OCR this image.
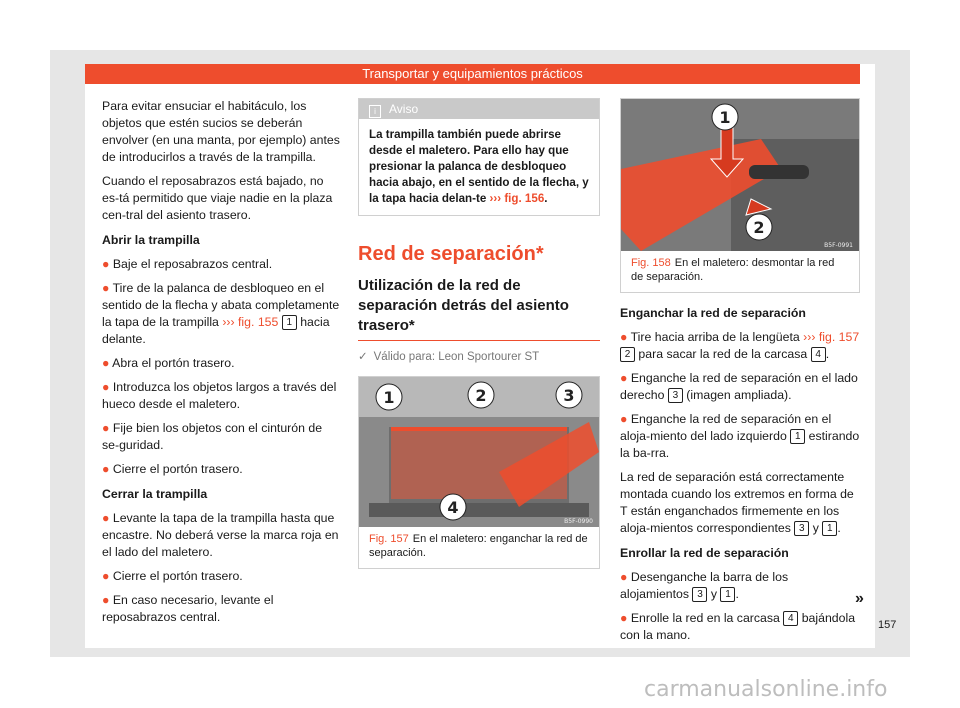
Transportar y equipamientos prácticos

Para evitar ensuciar el habitáculo, los objetos que estén sucios se deberán envolver (en una manta, por ejemplo) antes de introducirlos a través de la trampilla.

Cuando el reposabrazos está bajado, no es-tá permitido que viaje nadie en la plaza cen-tral del asiento trasero.

Abrir la trampilla

● Baje el reposabrazos central.

● Tire de la palanca de desbloqueo en el sentido de la flecha y abata completamente la tapa de la trampilla ››› fig. 155 1 hacia delante.

● Abra el portón trasero.

● Introduzca los objetos largos a través del hueco desde el maletero.

● Fije bien los objetos con el cinturón de se-guridad.

● Cierre el portón trasero.

Cerrar la trampilla

● Levante la tapa de la trampilla hasta que encastre. No deberá verse la marca roja en el lado del maletero.

● Cierre el portón trasero.

● En caso necesario, levante el reposabrazos central.

i Aviso
La trampilla también puede abrirse desde el maletero. Para ello hay que presionar la palanca de desbloqueo hacia abajo, en el sentido de la flecha, y la tapa hacia delan-te ››› fig. 156.

Red de separación*

Utilización de la red de separación detrás del asiento trasero*

✓ Válido para: Leon Sportourer ST

1	2	3
4
B5F-0990
Fig. 157 En el maletero: enganchar la red de separación.
1
2
B5F-0991
Fig. 158 En el maletero: desmontar la red de separación.

Enganchar la red de separación

● Tire hacia arriba de la lengüeta ››› fig. 157 2 para sacar la red de la carcasa 4 .

● Enganche la red de separación en el lado derecho 3 (imagen ampliada).

● Enganche la red de separación en el aloja-miento del lado izquierdo 1 estirando la ba-rra.

La red de separación está correctamente montada cuando los extremos en forma de T están enganchados firmemente en los aloja-mientos correspondientes 3 y 1 .

Enrollar la red de separación

● Desenganche la barra de los alojamientos 3 y 1 .

● Enrolle la red en la carcasa 4 bajándola con la mano.

»
157
carmanualsonline.info
